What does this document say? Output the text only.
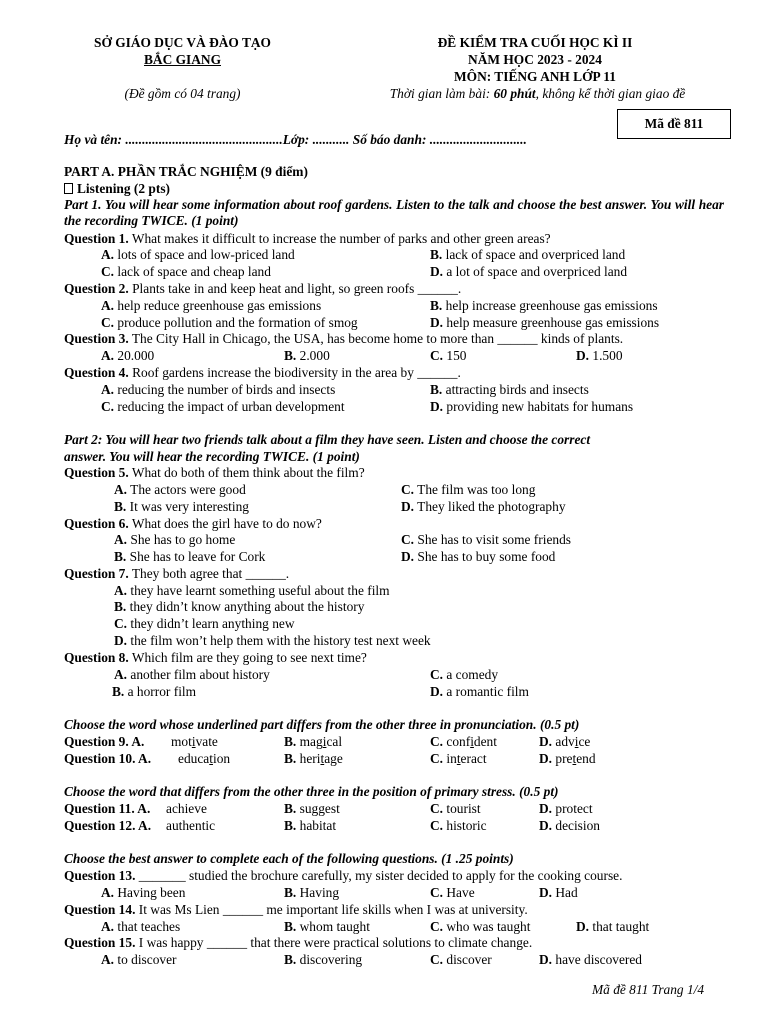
SỞ GIÁO DỤC VÀ ĐÀO TẠO
BẮC GIANG
(Đề gồm có 04 trang)
ĐỀ KIỂM TRA CUỐI HỌC KÌ II
NĂM HỌC 2023 - 2024
MÔN: TIẾNG ANH LỚP 11
Thời gian làm bài: 60 phút, không kể thời gian giao đề
Mã đề 811
Họ và tên: ...............................................Lớp: ........... Số báo danh: .............................
PART A. PHẦN TRẮC NGHIỆM (9 điểm)
Listening (2 pts)
Part 1. You will hear some information about roof gardens. Listen to the talk and choose the best answer. You will hear the recording TWICE. (1 point)
Question 1. What makes it difficult to increase the number of parks and other green areas?
A. lots of space and low-priced land	B. lack of space and overpriced land
C. lack of space and cheap land	D. a lot of space and overpriced land
Question 2. Plants take in and keep heat and light, so green roofs ______.
A. help reduce greenhouse gas emissions	B. help increase greenhouse gas emissions
C. produce pollution and the formation of smog	D. help measure greenhouse gas emissions
Question 3. The City Hall in Chicago, the USA, has become home to more than ______ kinds of plants.
A. 20.000	B. 2.000	C. 150	D. 1.500
Question 4. Roof gardens increase the biodiversity in the area by ______.
A. reducing the number of birds and insects	B. attracting birds and insects
C. reducing the impact of urban development	D. providing new habitats for humans
Part 2: You will hear two friends talk about a film they have seen. Listen and choose the correct
answer. You will hear the recording TWICE. (1 point)
Question 5. What do both of them think about the film?
A. The actors were good	C. The film was too long
B. It was very interesting	D. They liked the photography
Question 6. What does the girl have to do now?
A. She has to go home	C. She has to visit some friends
B. She has to leave for Cork	D. She has to buy some food
Question 7. They both agree that ______.
A. they have learnt something useful about the film
B. they didn’t know anything about the history
C. they didn’t learn anything new
D. the film won’t help them with the history test next week
Question 8. Which film are they going to see next time?
A. another film about history	C. a comedy
B. a horror film	D. a romantic film
Choose the word whose underlined part differs from the other three in pronunciation. (0.5 pt)
Question 9. A. motivate	B. magical	C. confident	D. advice
Question 10. A. education	B. heritage	C. interact	D. pretend
Choose the word that differs from the other three in the position of primary stress. (0.5 pt)
Question 11. A. achieve	B. suggest	C. tourist	D. protect
Question 12. A. authentic	B. habitat	C. historic	D. decision
Choose the best answer to complete each of the following questions. (1 .25 points)
Question 13. _______ studied the brochure carefully, my sister decided to apply for the cooking course.
A. Having been	B. Having	C. Have	D. Had
Question 14. It was Ms Lien ______ me important life skills when I was at university.
A. that teaches	B. whom taught	C. who was taught	D. that taught
Question 15. I was happy ______ that there were practical solutions to climate change.
A. to discover	B. discovering	C. discover	D. have discovered
Mã đề 811 Trang 1/4
